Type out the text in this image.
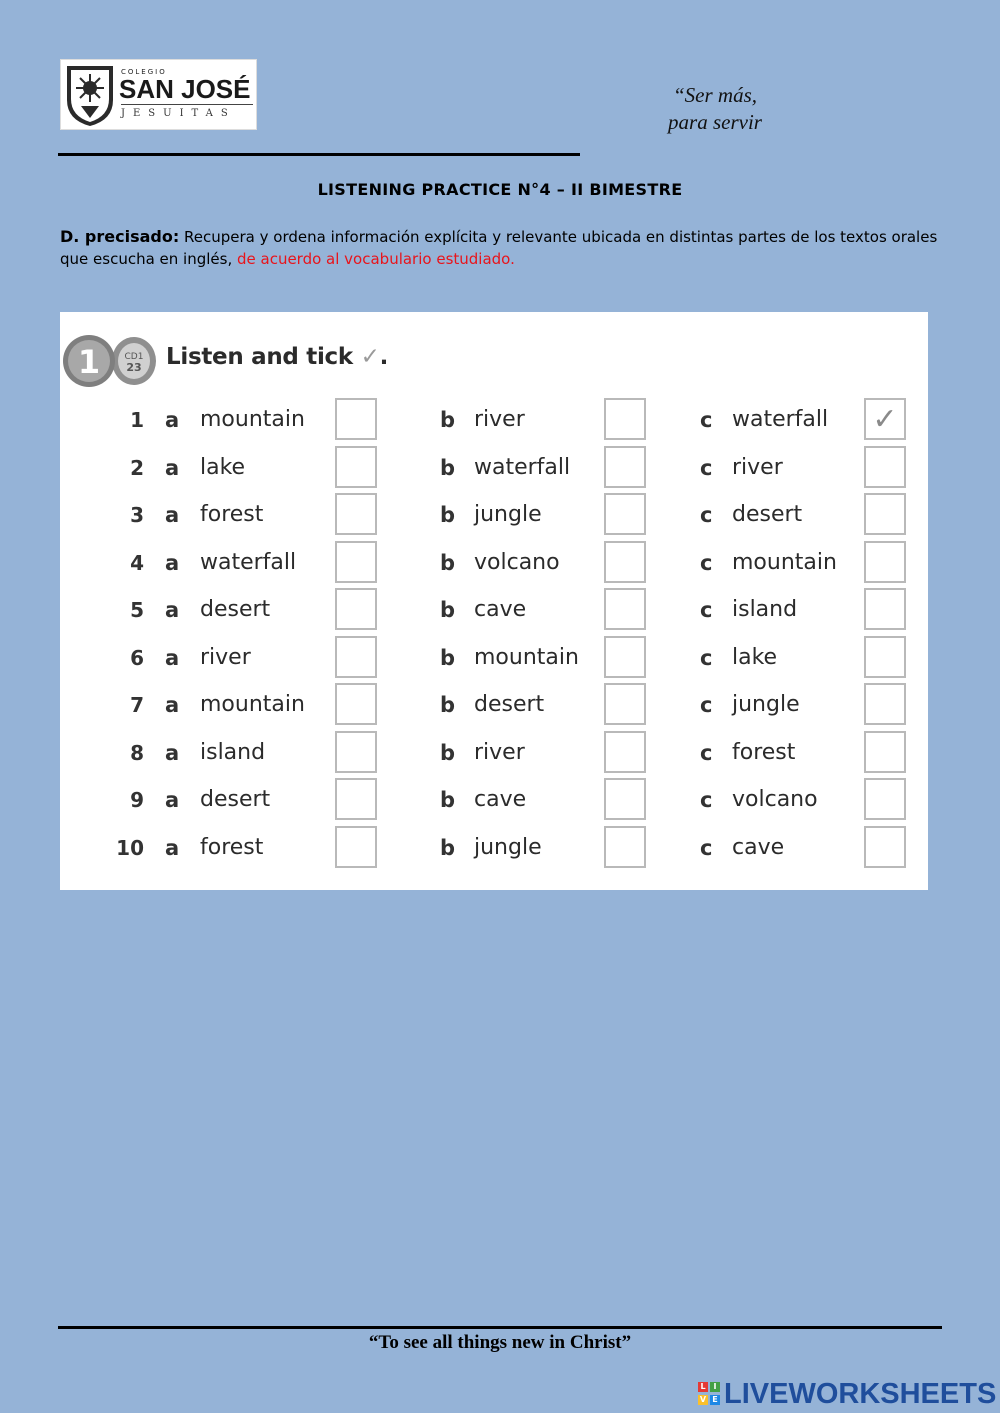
COLEGIO
SAN JOSÉ
JESUITAS
“Ser más,
para servir
LISTENING PRACTICE N°4 – II BIMESTRE
D. precisado: Recupera y ordena información explícita y relevante ubicada en distintas partes de los textos orales que escucha en inglés, de acuerdo al vocabulario estudiado.
1	CD1
23 Listen and tick ✓.
1 a mountain	b river	c waterfall ✓
2 a lake	b waterfall	c river
3 a forest	b jungle	c desert
4 a waterfall	b volcano	c mountain
5 a desert	b cave	c island
6 a river	b mountain	c lake
7 a mountain	b desert	c jungle
8 a island	b river	c forest
9 a desert	b cave	c volcano
10 a forest	b jungle	c cave
“To see all things new in Christ”
L I
V E LIVEWORKSHEETS
